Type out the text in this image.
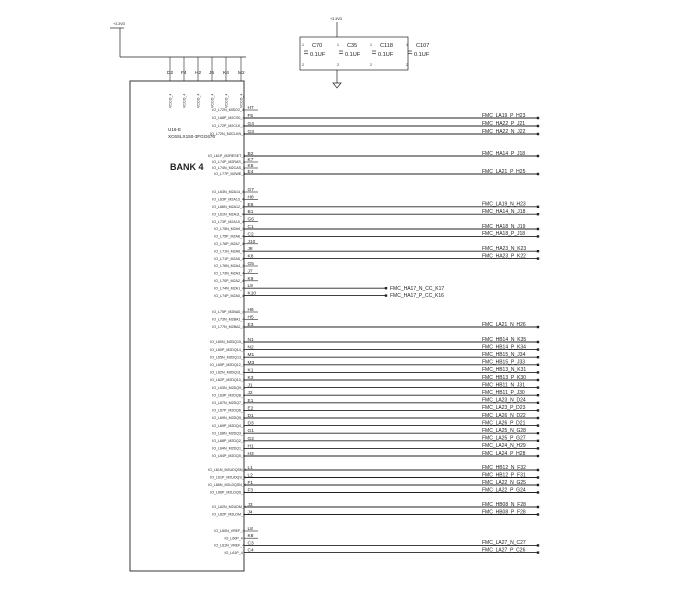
+3.3VD
D2
VCCO_4
F4
VCCO_4
H2
VCCO_4
J6
VCCO_4
K4
VCCO_4
M2
VCCO_4
+3.3VD
C70
0.1UF
1
2
C35
0.1UF
1
2
C118
0.1UF
1
2
C107
0.1UF
1
2
U16-E
XC6SLX150-3FGG676
BANK 4
IO_L72N_MISO2_4 H7
IO_L68P_M2CS0_4 F5	FMC_LA19_P_H23
IO_L72P_M2CLK_4 G4	FMC_HA22_P_J21
IO_L72N_M2CLKN_4 G3	FMC_HA22_N_J22
IO_L61P_M2RESET_4 B2	FMC_HA14_P_J18
IO_L74P_M2RAS_4 K7
IO_L74N_M2CAS_4 K6
IO_L77P_M2WE_4 E4	FMC_LA21_P_H25
IO_L63N_M2A14_4 G7
IO_L63P_M2A13_4 H8
IO_L66N_M2A12_4 E6	FMC_LA19_N_H23
IO_L61N_M2A11_4 B1	FMC_HA14_N_J18
IO_L73P_M2A10_4 G6
IO_L75N_M2A9_4 C1	FMC_HA18_N_J19
IO_L75P_M2A8_4 C2	FMC_HA18_P_J18
IO_L76P_M2A7_4 J10
IO_L71N_M2A6_4 J8	FMC_HA23_N_K23
IO_L71P_M2A5_4 K8	FMC_HA23_P_K22
IO_L76N_M2A4_4 G5
IO_L73N_M2A3_4 J7
IO_L70P_M2A2_4 K9
IO_L74N_M2A1_4 L9	FMC_HA17_N_CC_K17
IO_L74P_M2A0_4 K10	FMC_HA17_P_CC_K16
IO_L75P_M2BA0_4 H6
IO_L73N_M2BA1_4 H5
IO_L77N_M2BA2_4 E3	FMC_LA21_N_H26
IO_L60N_M2DQ15_4 N1	FMC_HB14_N_K35
IO_L60P_M2DQ14_4 N2	FMC_HB14_P_K34
IO_L65N_M2DQ13_4 M1	FMC_HB15_N_J34
IO_L65P_M2DQ12_4 M3	FMC_HB15_P_J33
IO_L62N_M2DQ11_4 K1	FMC_HB13_N_K31
IO_L62P_M2DQ10_4 K3	FMC_HB13_P_K30
IO_L63N_M2DQ9_4 J1	FMC_HB11_N_J31
IO_L63P_M2DQ8_4 J2	FMC_HB11_P_J30
IO_L67N_M2DQ7_4 E1	FMC_LA23_N_D24
IO_L67P_M2DQ6_4 E2	FMC_LA23_P_D23
IO_L69N_M2DQ5_4 D1	FMC_LA26_N_D22
IO_L69P_M2DQ4_4 D3	FMC_LA26_P_D21
IO_L68N_M2DQ3_4 G1	FMC_LA25_N_G28
IO_L68P_M2DQ2_4 G2	FMC_LA25_P_G27
IO_L64N_M2DQ1_4 H1	FMC_LA24_N_H29
IO_L64P_M2DQ0_4 H3	FMC_LA24_P_H28
IO_L61N_M2UDQSN_4 L1	FMC_HB12_N_F32
IO_L61P_M2UDQS_4 L2	FMC_HB12_P_F31
IO_L66N_M2LDQSN_4 F1	FMC_LA22_N_G25
IO_L66P_M2LDQS_4 F3	FMC_LA22_P_G24
IO_L62N_M2UDM_4 J3	FMC_HB08_N_F28
IO_L62P_M2LDM_4 J4	FMC_HB08_P_F28
IO_L60N_VREF_4 L8
IO_L60P_4 K8
IO_L61N_VREF_4 C3	FMC_LA27_N_C27
IO_L61P_4 C4	FMC_LA27_P_C26
